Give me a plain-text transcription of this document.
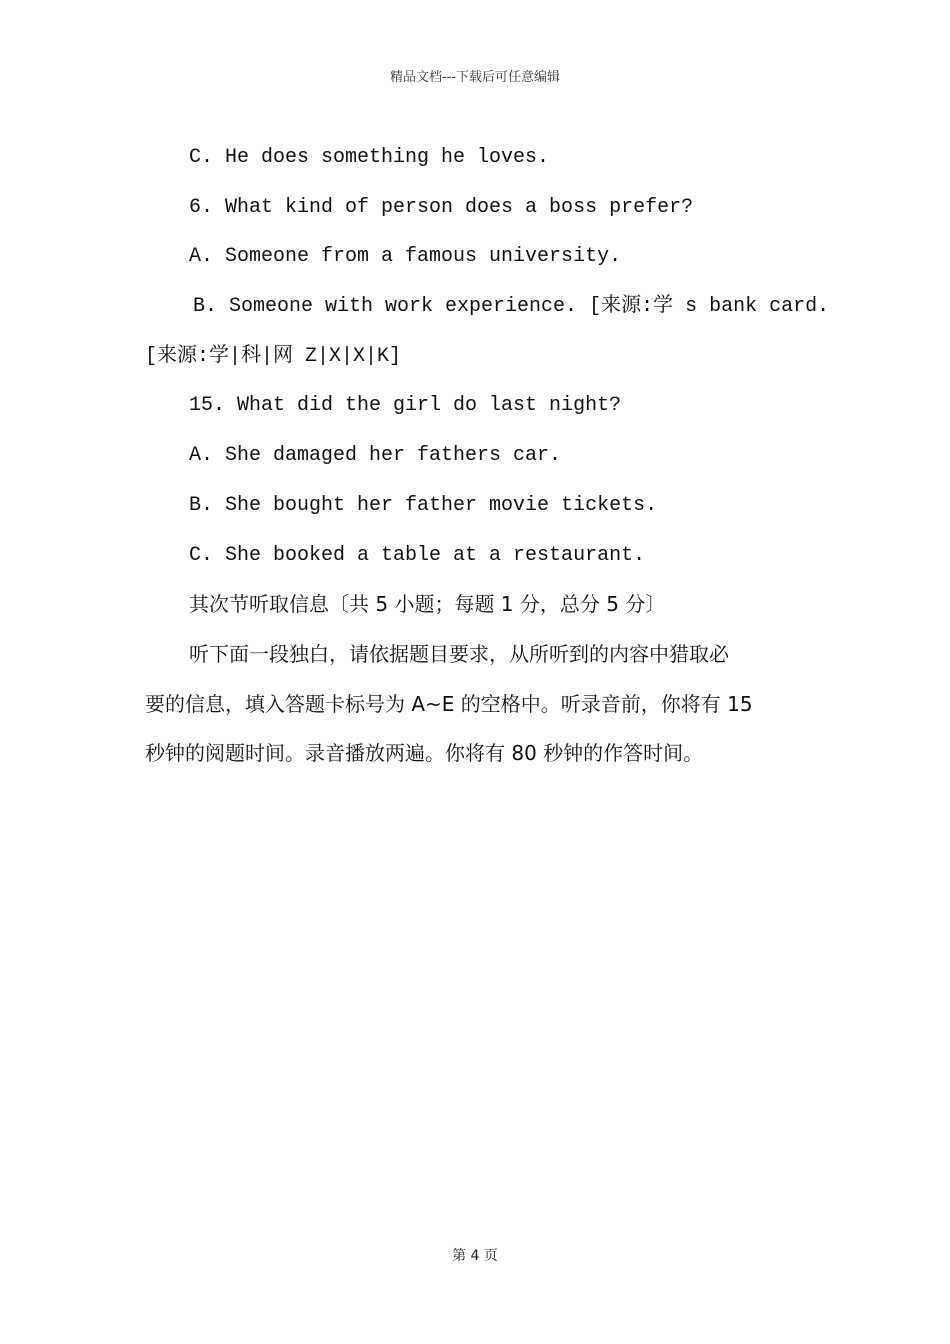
精品文档---下载后可任意编辑
C. He does something he loves.
6. What kind of person does a boss prefer?
A. Someone from a famous university.
B. Someone with work experience. [来源:学 s bank card.
[来源:学|科|网 Z|X|X|K]
15. What did the girl do last night?
A. She damaged her fathers car.
B. She bought her father movie tickets.
C. She booked a table at a restaurant.
其次节听取信息〔共 5 小题；每题 1 分，总分 5 分〕
听下面一段独白，请依据题目要求，从所听到的内容中猎取必
要的信息，填入答题卡标号为 A~E 的空格中。听录音前，你将有 15
秒钟的阅题时间。录音播放两遍。你将有 80 秒钟的作答时间。
第 4 页
